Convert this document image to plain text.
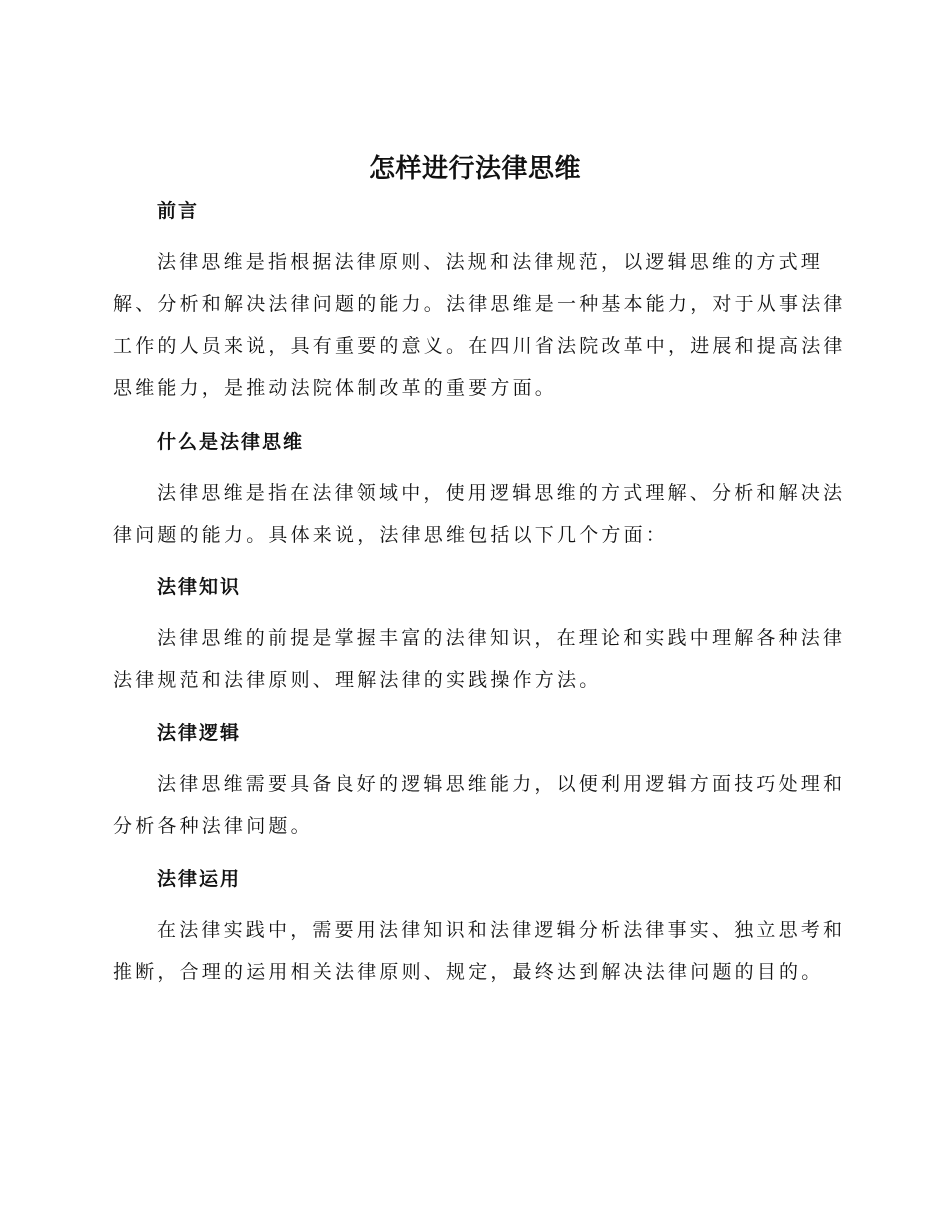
怎样进行法律思维
前言

法律思维是指根据法律原则、法规和法律规范，以逻辑思维的方式理

解、分析和解决法律问题的能力。法律思维是一种基本能力，对于从事法律

工作的人员来说，具有重要的意义。在四川省法院改革中，进展和提高法律

思维能力，是推动法院体制改革的重要方面。

什么是法律思维

法律思维是指在法律领域中，使用逻辑思维的方式理解、分析和解决法

律问题的能力。具体来说，法律思维包括以下几个方面：

法律知识

法律思维的前提是掌握丰富的法律知识，在理论和实践中理解各种法律

法律规范和法律原则、理解法律的实践操作方法。

法律逻辑

法律思维需要具备良好的逻辑思维能力，以便利用逻辑方面技巧处理和

分析各种法律问题。

法律运用

在法律实践中，需要用法律知识和法律逻辑分析法律事实、独立思考和

推断，合理的运用相关法律原则、规定，最终达到解决法律问题的目的。
